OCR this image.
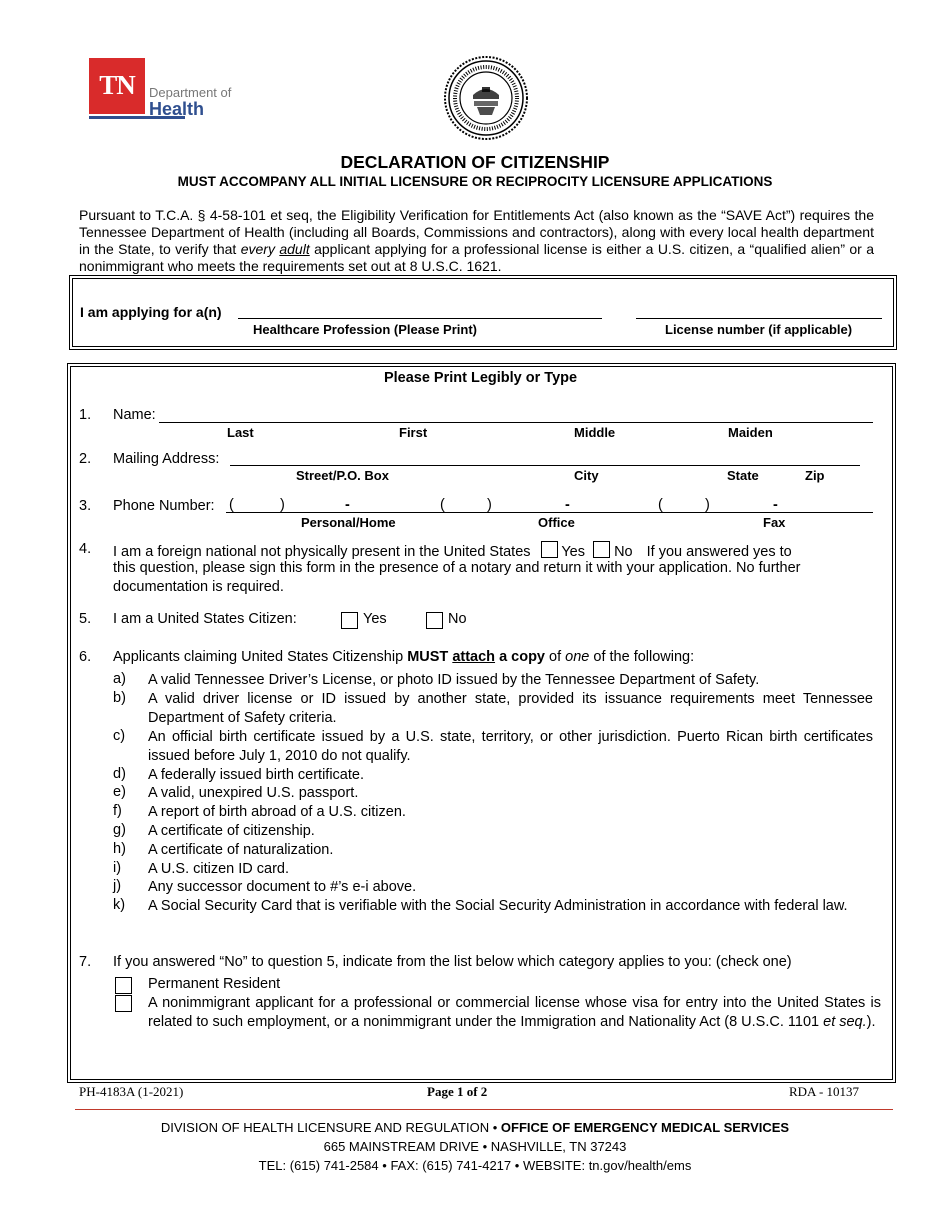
TN	Department of
Health
DECLARATION OF CITIZENSHIP
MUST ACCOMPANY ALL INITIAL LICENSURE OR RECIPROCITY LICENSURE APPLICATIONS
Pursuant to T.C.A. § 4-58-101 et seq, the Eligibility Verification for Entitlements Act (also known as the “SAVE Act”) requires the Tennessee Department of Health (including all Boards, Commissions and contractors), along with every local health department in the State, to verify that every adult applicant applying for a professional license is either a U.S. citizen, a “qualified alien” or a nonimmigrant who meets the requirements set out at 8 U.S.C. 1621.
I am applying for a(n)
Healthcare Profession (Please Print)	License number (if applicable)
Please Print Legibly or Type
1. Name:
Last	First	Middle	Maiden
2. Mailing Address:
Street/P.O. Box	City	State	Zip
3. Phone Number: (	)	-	(	)	-	(	)	-
Personal/Home	Office	Fax
4. I am a foreign national not physically present in the United States Yes No If you answered yes to
this question, please sign this form in the presence of a notary and return it with your application. No further
documentation is required.
5. I am a United States Citizen:	Yes	No
6. Applicants claiming United States Citizenship MUST attach a copy of one of the following:
a) A valid Tennessee Driver’s License, or photo ID issued by the Tennessee Department of Safety.
b) A valid driver license or ID issued by another state, provided its issuance requirements meet Tennessee Department of Safety criteria.
c) An official birth certificate issued by a U.S. state, territory, or other jurisdiction. Puerto Rican birth certificates issued before July 1, 2010 do not qualify.
d) A federally issued birth certificate.
e) A valid, unexpired U.S. passport.
f) A report of birth abroad of a U.S. citizen.
g) A certificate of citizenship.
h) A certificate of naturalization.
i) A U.S. citizen ID card.
j) Any successor document to #’s e-i above.
k) A Social Security Card that is verifiable with the Social Security Administration in accordance with federal law.
7. If you answered “No” to question 5, indicate from the list below which category applies to you: (check one)
Permanent Resident
A nonimmigrant applicant for a professional or commercial license whose visa for entry into the United States is related to such employment, or a nonimmigrant under the Immigration and Nationality Act (8 U.S.C. 1101 et seq.).
PH-4183A (1-2021)	Page 1 of 2	RDA - 10137
DIVISION OF HEALTH LICENSURE AND REGULATION • OFFICE OF EMERGENCY MEDICAL SERVICES
665 MAINSTREAM DRIVE • NASHVILLE, TN 37243
TEL: (615) 741-2584 • FAX: (615) 741-4217 • WEBSITE: tn.gov/health/ems
